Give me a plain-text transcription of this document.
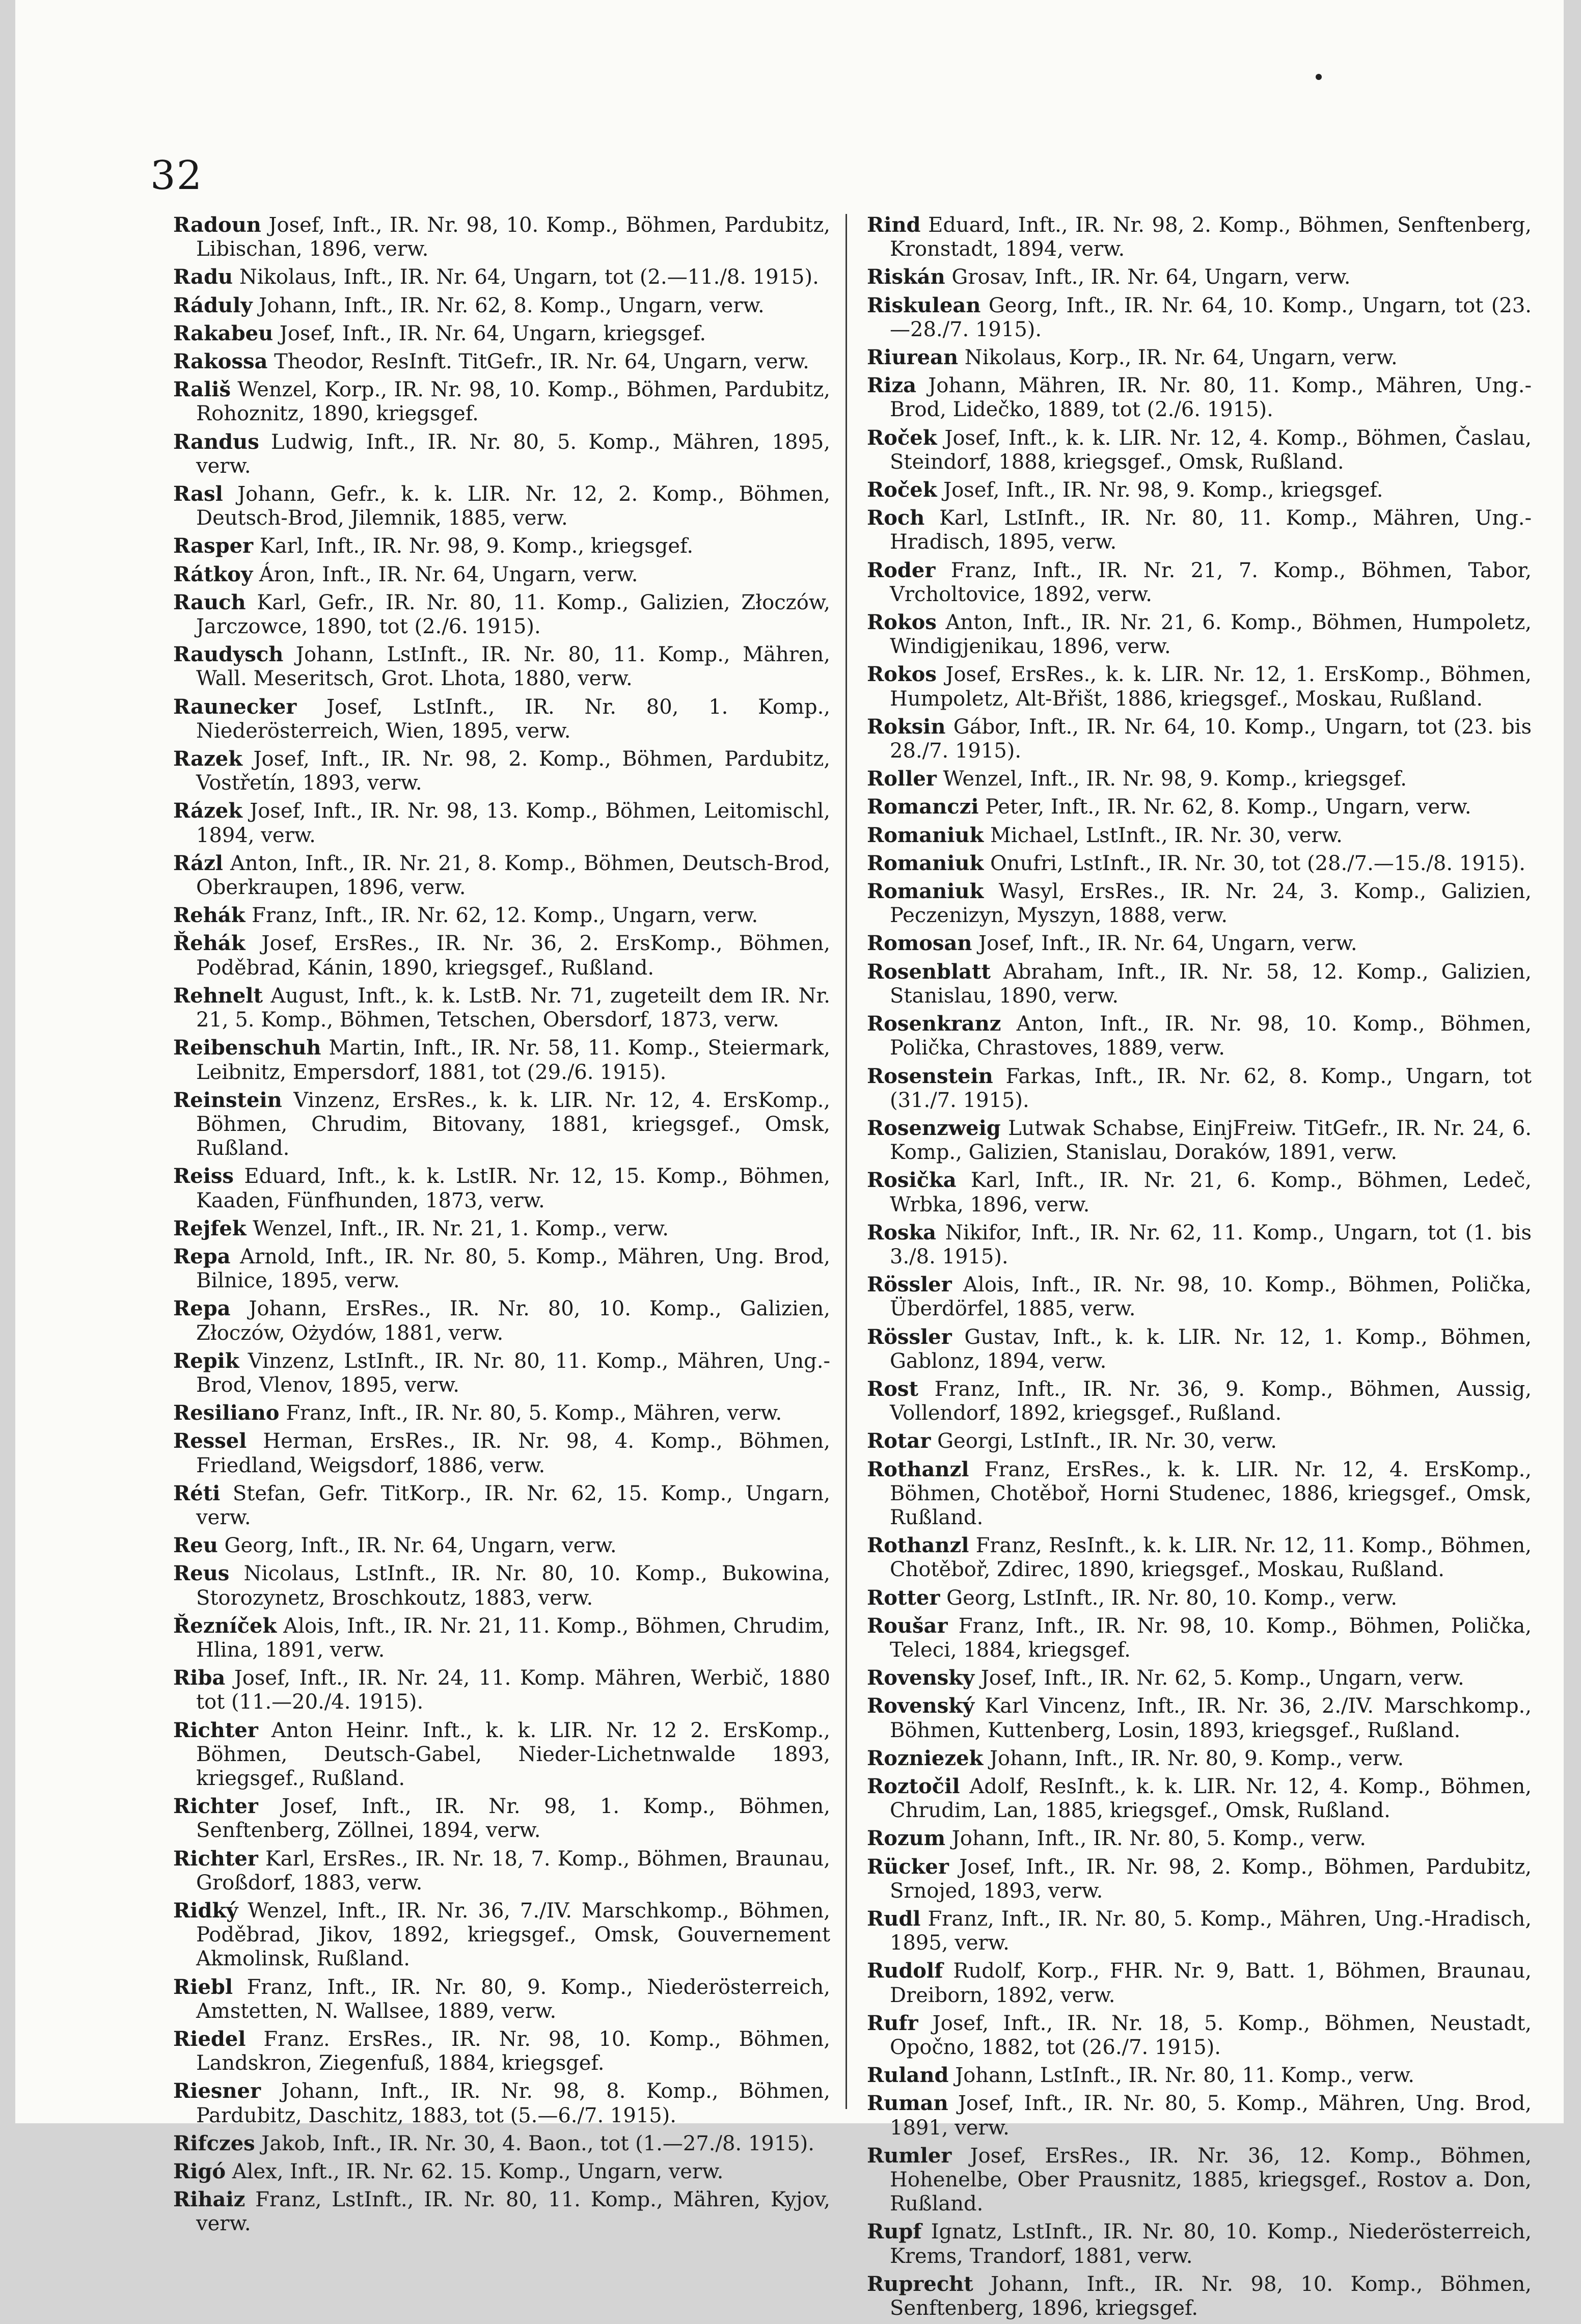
32

Radoun Josef, Inft., IR. Nr. 98, 10. Komp., Böhmen, Pardubitz, Libischan, 1896, verw.

Radu Nikolaus, Inft., IR. Nr. 64, Ungarn, tot (2.—11./8. 1915).

Ráduly Johann, Inft., IR. Nr. 62, 8. Komp., Ungarn, verw.

Rakabeu Josef, Inft., IR. Nr. 64, Ungarn, kriegsgef.

Rakossa Theodor, ResInft. TitGefr., IR. Nr. 64, Ungarn, verw.

Rališ Wenzel, Korp., IR. Nr. 98, 10. Komp., Böhmen, Pardubitz, Rohoznitz, 1890, kriegsgef.

Randus Ludwig, Inft., IR. Nr. 80, 5. Komp., Mähren, 1895, verw.

Rasl Johann, Gefr., k. k. LIR. Nr. 12, 2. Komp., Böhmen, Deutsch-Brod, Jilemnik, 1885, verw.

Rasper Karl, Inft., IR. Nr. 98, 9. Komp., kriegsgef.

Rátkoy Áron, Inft., IR. Nr. 64, Ungarn, verw.

Rauch Karl, Gefr., IR. Nr. 80, 11. Komp., Galizien, Złoczów, Jarczowce, 1890, tot (2./6. 1915).

Raudysch Johann, LstInft., IR. Nr. 80, 11. Komp., Mähren, Wall. Meseritsch, Grot. Lhota, 1880, verw.

Raunecker Josef, LstInft., IR. Nr. 80, 1. Komp., Niederösterreich, Wien, 1895, verw.

Razek Josef, Inft., IR. Nr. 98, 2. Komp., Böhmen, Pardubitz, Vostřetín, 1893, verw.

Rázek Josef, Inft., IR. Nr. 98, 13. Komp., Böhmen, Leitomischl, 1894, verw.

Rázl Anton, Inft., IR. Nr. 21, 8. Komp., Böhmen, Deutsch-Brod, Oberkraupen, 1896, verw.

Rehák Franz, Inft., IR. Nr. 62, 12. Komp., Ungarn, verw.

Řehák Josef, ErsRes., IR. Nr. 36, 2. ErsKomp., Böhmen, Poděbrad, Kánin, 1890, kriegsgef., Rußland.

Rehnelt August, Inft., k. k. LstB. Nr. 71, zugeteilt dem IR. Nr. 21, 5. Komp., Böhmen, Tetschen, Obersdorf, 1873, verw.

Reibenschuh Martin, Inft., IR. Nr. 58, 11. Komp., Steiermark, Leibnitz, Empersdorf, 1881, tot (29./6. 1915).

Reinstein Vinzenz, ErsRes., k. k. LIR. Nr. 12, 4. ErsKomp., Böhmen, Chrudim, Bitovany, 1881, kriegsgef., Omsk, Rußland.

Reiss Eduard, Inft., k. k. LstIR. Nr. 12, 15. Komp., Böhmen, Kaaden, Fünfhunden, 1873, verw.

Rejfek Wenzel, Inft., IR. Nr. 21, 1. Komp., verw.

Repa Arnold, Inft., IR. Nr. 80, 5. Komp., Mähren, Ung. Brod, Bilnice, 1895, verw.

Repa Johann, ErsRes., IR. Nr. 80, 10. Komp., Galizien, Złoczów, Ożydów, 1881, verw.

Repik Vinzenz, LstInft., IR. Nr. 80, 11. Komp., Mähren, Ung.-Brod, Vlenov, 1895, verw.

Resiliano Franz, Inft., IR. Nr. 80, 5. Komp., Mähren, verw.

Ressel Herman, ErsRes., IR. Nr. 98, 4. Komp., Böhmen, Friedland, Weigsdorf, 1886, verw.

Réti Stefan, Gefr. TitKorp., IR. Nr. 62, 15. Komp., Ungarn, verw.

Reu Georg, Inft., IR. Nr. 64, Ungarn, verw.

Reus Nicolaus, LstInft., IR. Nr. 80, 10. Komp., Bukowina, Storozynetz, Broschkoutz, 1883, verw.

Řezníček Alois, Inft., IR. Nr. 21, 11. Komp., Böhmen, Chrudim, Hlina, 1891, verw.

Riba Josef, Inft., IR. Nr. 24, 11. Komp. Mähren, Werbič, 1880 tot (11.—20./4. 1915).

Richter Anton Heinr. Inft., k. k. LIR. Nr. 12 2. ErsKomp., Böhmen, Deutsch-Gabel, Nieder-Lichetnwalde 1893, kriegsgef., Rußland.

Richter Josef, Inft., IR. Nr. 98, 1. Komp., Böhmen, Senftenberg, Zöllnei, 1894, verw.

Richter Karl, ErsRes., IR. Nr. 18, 7. Komp., Böhmen, Braunau, Großdorf, 1883, verw.

Ridký Wenzel, Inft., IR. Nr. 36, 7./IV. Marschkomp., Böhmen, Poděbrad, Jikov, 1892, kriegsgef., Omsk, Gouvernement Akmolinsk, Rußland.

Riebl Franz, Inft., IR. Nr. 80, 9. Komp., Niederösterreich, Amstetten, N. Wallsee, 1889, verw.

Riedel Franz. ErsRes., IR. Nr. 98, 10. Komp., Böhmen, Landskron, Ziegenfuß, 1884, kriegsgef.

Riesner Johann, Inft., IR. Nr. 98, 8. Komp., Böhmen, Pardubitz, Daschitz, 1883, tot (5.—6./7. 1915).

Rifczes Jakob, Inft., IR. Nr. 30, 4. Baon., tot (1.—27./8. 1915).

Rigó Alex, Inft., IR. Nr. 62. 15. Komp., Ungarn, verw.

Rihaiz Franz, LstInft., IR. Nr. 80, 11. Komp., Mähren, Kyjov, verw.

Rind Eduard, Inft., IR. Nr. 98, 2. Komp., Böhmen, Senftenberg, Kronstadt, 1894, verw.

Riskán Grosav, Inft., IR. Nr. 64, Ungarn, verw.

Riskulean Georg, Inft., IR. Nr. 64, 10. Komp., Ungarn, tot (23.—28./7. 1915).

Riurean Nikolaus, Korp., IR. Nr. 64, Ungarn, verw.

Riza Johann, Mähren, IR. Nr. 80, 11. Komp., Mähren, Ung.-Brod, Lidečko, 1889, tot (2./6. 1915).

Roček Josef, Inft., k. k. LIR. Nr. 12, 4. Komp., Böhmen, Časlau, Steindorf, 1888, kriegsgef., Omsk, Rußland.

Roček Josef, Inft., IR. Nr. 98, 9. Komp., kriegsgef.

Roch Karl, LstInft., IR. Nr. 80, 11. Komp., Mähren, Ung.-Hradisch, 1895, verw.

Roder Franz, Inft., IR. Nr. 21, 7. Komp., Böhmen, Tabor, Vrcholtovice, 1892, verw.

Rokos Anton, Inft., IR. Nr. 21, 6. Komp., Böhmen, Humpoletz, Windigjenikau, 1896, verw.

Rokos Josef, ErsRes., k. k. LIR. Nr. 12, 1. ErsKomp., Böhmen, Humpoletz, Alt-Břišt, 1886, kriegsgef., Moskau, Rußland.

Roksin Gábor, Inft., IR. Nr. 64, 10. Komp., Ungarn, tot (23. bis 28./7. 1915).

Roller Wenzel, Inft., IR. Nr. 98, 9. Komp., kriegsgef.

Romanczi Peter, Inft., IR. Nr. 62, 8. Komp., Ungarn, verw.

Romaniuk Michael, LstInft., IR. Nr. 30, verw.

Romaniuk Onufri, LstInft., IR. Nr. 30, tot (28./7.—15./8. 1915).

Romaniuk Wasyl, ErsRes., IR. Nr. 24, 3. Komp., Galizien, Peczenizyn, Myszyn, 1888, verw.

Romosan Josef, Inft., IR. Nr. 64, Ungarn, verw.

Rosenblatt Abraham, Inft., IR. Nr. 58, 12. Komp., Galizien, Stanislau, 1890, verw.

Rosenkranz Anton, Inft., IR. Nr. 98, 10. Komp., Böhmen, Polička, Chrastoves, 1889, verw.

Rosenstein Farkas, Inft., IR. Nr. 62, 8. Komp., Ungarn, tot (31./7. 1915).

Rosenzweig Lutwak Schabse, EinjFreiw. TitGefr., IR. Nr. 24, 6. Komp., Galizien, Stanislau, Doraków, 1891, verw.

Rosička Karl, Inft., IR. Nr. 21, 6. Komp., Böhmen, Ledeč, Wrbka, 1896, verw.

Roska Nikifor, Inft., IR. Nr. 62, 11. Komp., Ungarn, tot (1. bis 3./8. 1915).

Rössler Alois, Inft., IR. Nr. 98, 10. Komp., Böhmen, Polička, Überdörfel, 1885, verw.

Rössler Gustav, Inft., k. k. LIR. Nr. 12, 1. Komp., Böhmen, Gablonz, 1894, verw.

Rost Franz, Inft., IR. Nr. 36, 9. Komp., Böhmen, Aussig, Vollendorf, 1892, kriegsgef., Rußland.

Rotar Georgi, LstInft., IR. Nr. 30, verw.

Rothanzl Franz, ErsRes., k. k. LIR. Nr. 12, 4. ErsKomp., Böhmen, Chotěboř, Horni Studenec, 1886, kriegsgef., Omsk, Rußland.

Rothanzl Franz, ResInft., k. k. LIR. Nr. 12, 11. Komp., Böhmen, Chotěboř, Zdirec, 1890, kriegsgef., Moskau, Rußland.

Rotter Georg, LstInft., IR. Nr. 80, 10. Komp., verw.

Roušar Franz, Inft., IR. Nr. 98, 10. Komp., Böhmen, Polička, Teleci, 1884, kriegsgef.

Rovensky Josef, Inft., IR. Nr. 62, 5. Komp., Ungarn, verw.

Rovenský Karl Vincenz, Inft., IR. Nr. 36, 2./IV. Marschkomp., Böhmen, Kuttenberg, Losin, 1893, kriegsgef., Rußland.

Rozniezek Johann, Inft., IR. Nr. 80, 9. Komp., verw.

Roztočil Adolf, ResInft., k. k. LIR. Nr. 12, 4. Komp., Böhmen, Chrudim, Lan, 1885, kriegsgef., Omsk, Rußland.

Rozum Johann, Inft., IR. Nr. 80, 5. Komp., verw.

Rücker Josef, Inft., IR. Nr. 98, 2. Komp., Böhmen, Pardubitz, Srnojed, 1893, verw.

Rudl Franz, Inft., IR. Nr. 80, 5. Komp., Mähren, Ung.-Hradisch, 1895, verw.

Rudolf Rudolf, Korp., FHR. Nr. 9, Batt. 1, Böhmen, Braunau, Dreiborn, 1892, verw.

Rufr Josef, Inft., IR. Nr. 18, 5. Komp., Böhmen, Neustadt, Opočno, 1882, tot (26./7. 1915).

Ruland Johann, LstInft., IR. Nr. 80, 11. Komp., verw.

Ruman Josef, Inft., IR. Nr. 80, 5. Komp., Mähren, Ung. Brod, 1891, verw.

Rumler Josef, ErsRes., IR. Nr. 36, 12. Komp., Böhmen, Hohenelbe, Ober Prausnitz, 1885, kriegsgef., Rostov a. Don, Rußland.

Rupf Ignatz, LstInft., IR. Nr. 80, 10. Komp., Niederösterreich, Krems, Trandorf, 1881, verw.

Ruprecht Johann, Inft., IR. Nr. 98, 10. Komp., Böhmen, Senftenberg, 1896, kriegsgef.
